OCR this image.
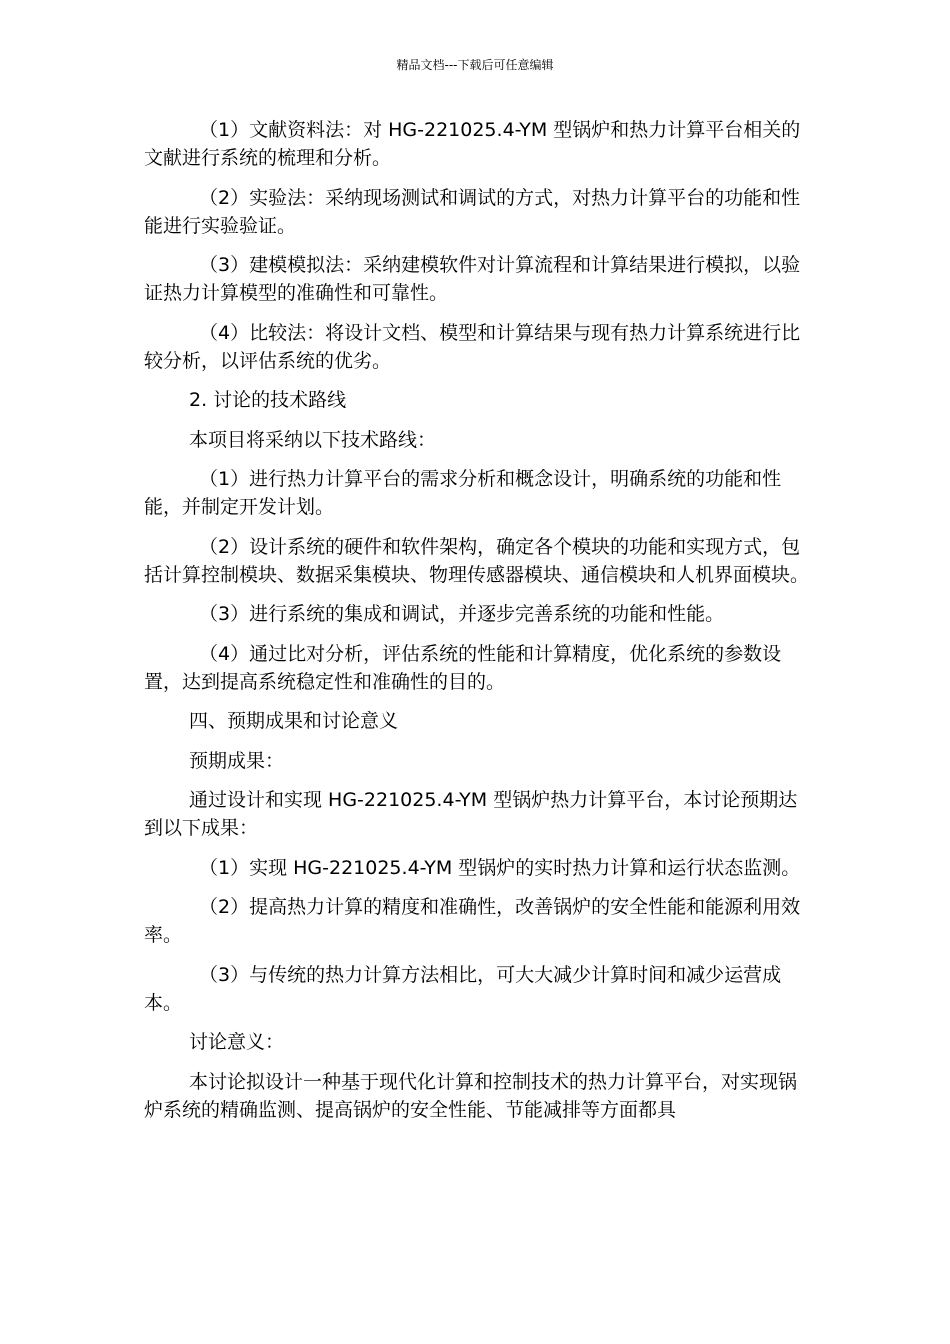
精品文档---下载后可任意编辑

（1）文献资料法：对 HG-221025.4-YM 型锅炉和热力计算平台相关的文献进行系统的梳理和分析。

（2）实验法：采纳现场测试和调试的方式，对热力计算平台的功能和性能进行实验验证。

（3）建模模拟法：采纳建模软件对计算流程和计算结果进行模拟，以验证热力计算模型的准确性和可靠性。

（4）比较法：将设计文档、模型和计算结果与现有热力计算系统进行比较分析，以评估系统的优劣。

2. 讨论的技术路线

本项目将采纳以下技术路线：

（1）进行热力计算平台的需求分析和概念设计，明确系统的功能和性能，并制定开发计划。

（2）设计系统的硬件和软件架构，确定各个模块的功能和实现方式，包括计算控制模块、数据采集模块、物理传感器模块、通信模块和人机界面模块。

（3）进行系统的集成和调试，并逐步完善系统的功能和性能。

（4）通过比对分析，评估系统的性能和计算精度，优化系统的参数设置，达到提高系统稳定性和准确性的目的。

四、预期成果和讨论意义

预期成果：

通过设计和实现 HG-221025.4-YM 型锅炉热力计算平台，本讨论预期达到以下成果：

（1）实现 HG-221025.4-YM 型锅炉的实时热力计算和运行状态监测。

（2）提高热力计算的精度和准确性，改善锅炉的安全性能和能源利用效率。

（3）与传统的热力计算方法相比，可大大减少计算时间和减少运营成本。

讨论意义：

本讨论拟设计一种基于现代化计算和控制技术的热力计算平台，对实现锅炉系统的精确监测、提高锅炉的安全性能、节能减排等方面都具
